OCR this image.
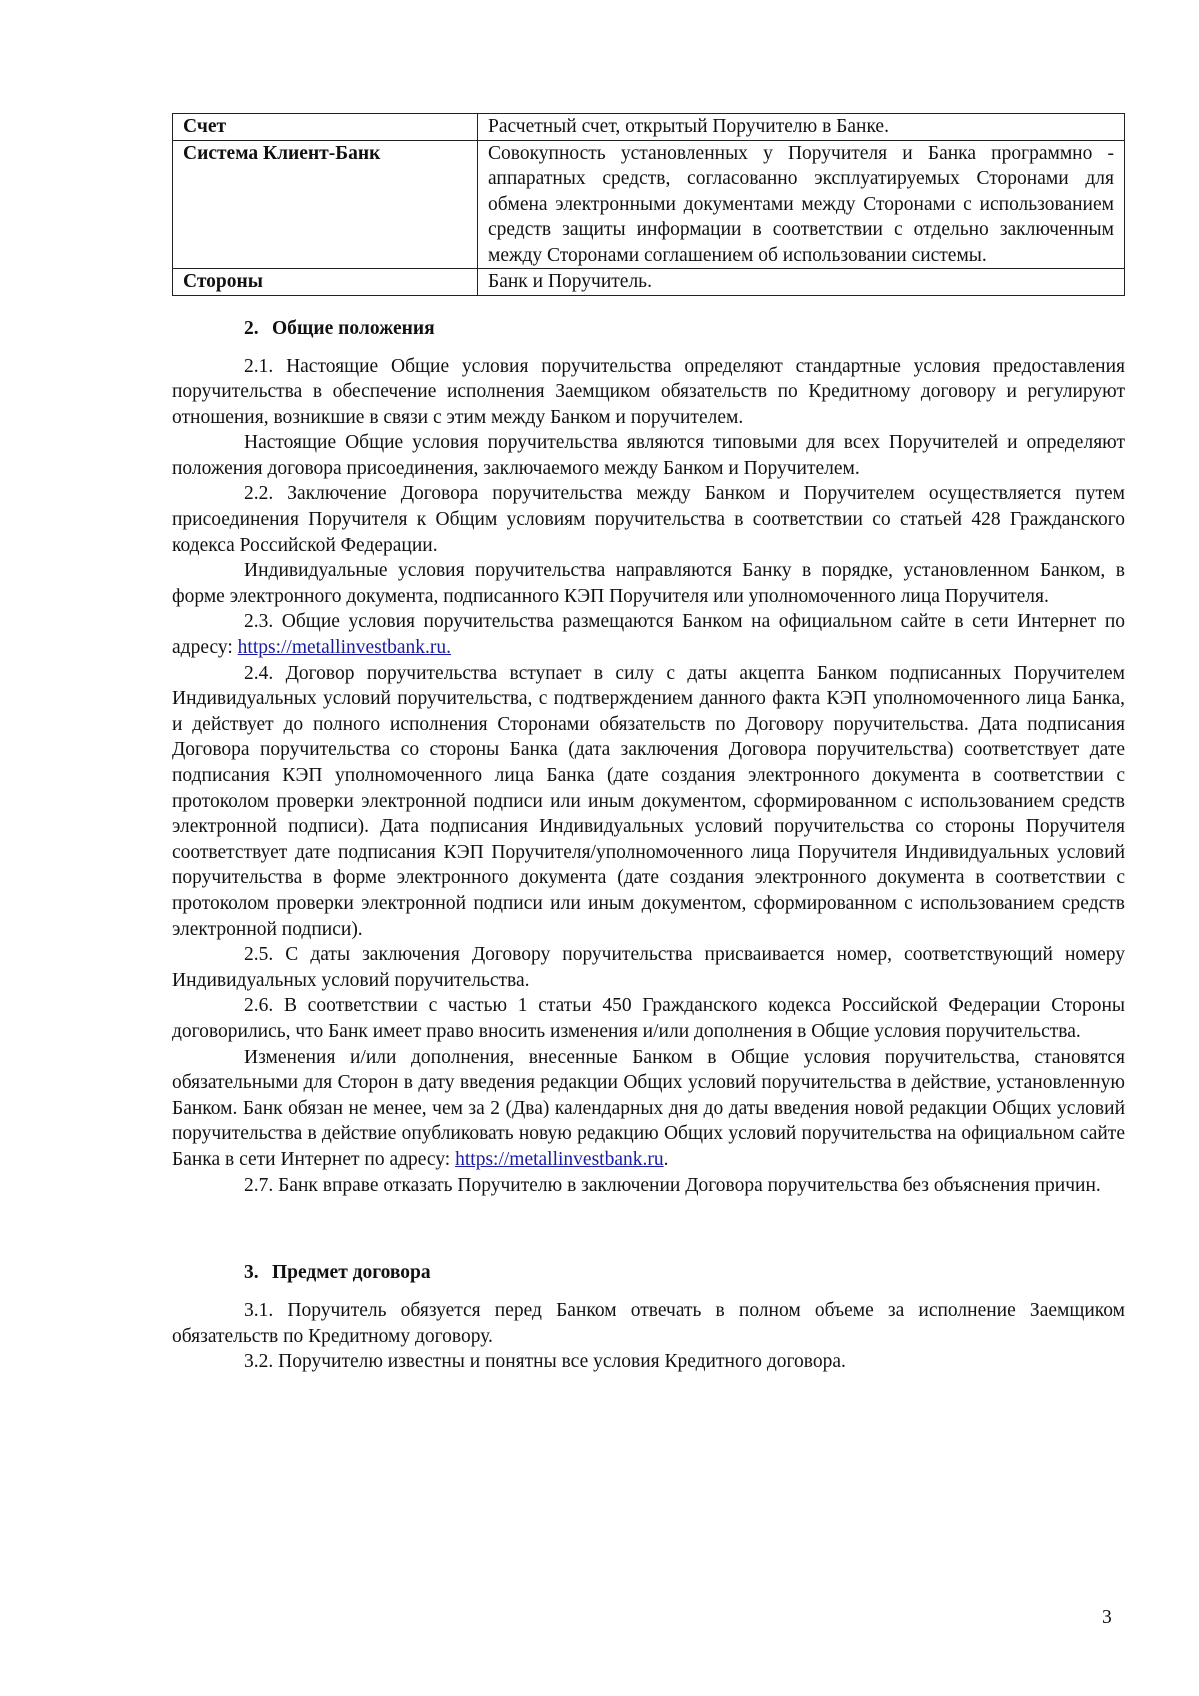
Счет	Расчетный счет, открытый Поручителю в Банке.
Система Клиент-Банк	Совокупность установленных у Поручителя и Банка программно - аппаратных средств, согласованно эксплуатируемых Сторонами для обмена электронными документами между Сторонами с использованием средств защиты информации в соответствии с отдельно заключенным между Сторонами соглашением об использовании системы.
Стороны	Банк и Поручитель.
2. Общие положения

2.1. Настоящие Общие условия поручительства определяют стандартные условия предоставления поручительства в обеспечение исполнения Заемщиком обязательств по Кредитному договору и регулируют отношения, возникшие в связи с этим между Банком и поручителем.

Настоящие Общие условия поручительства являются типовыми для всех Поручителей и определяют положения договора присоединения, заключаемого между Банком и Поручителем.

2.2. Заключение Договора поручительства между Банком и Поручителем осуществляется путем присоединения Поручителя к Общим условиям поручительства в соответствии со статьей 428 Гражданского кодекса Российской Федерации.

Индивидуальные условия поручительства направляются Банку в порядке, установленном Банком, в форме электронного документа, подписанного КЭП Поручителя или уполномоченного лица Поручителя.

2.3. Общие условия поручительства размещаются Банком на официальном сайте в сети Интернет по адресу: https://metallinvestbank.ru.

2.4. Договор поручительства вступает в силу с даты акцепта Банком подписанных Поручителем Индивидуальных условий поручительства, с подтверждением данного факта КЭП уполномоченного лица Банка, и действует до полного исполнения Сторонами обязательств по Договору поручительства. Дата подписания Договора поручительства со стороны Банка (дата заключения Договора поручительства) соответствует дате подписания КЭП уполномоченного лица Банка (дате создания электронного документа в соответствии с протоколом проверки электронной подписи или иным документом, сформированном с использованием средств электронной подписи). Дата подписания Индивидуальных условий поручительства со стороны Поручителя соответствует дате подписания КЭП Поручителя/уполномоченного лица Поручителя Индивидуальных условий поручительства в форме электронного документа (дате создания электронного документа в соответствии с протоколом проверки электронной подписи или иным документом, сформированном с использованием средств электронной подписи).

2.5. С даты заключения Договору поручительства присваивается номер, соответствующий номеру Индивидуальных условий поручительства.

2.6. В соответствии с частью 1 статьи 450 Гражданского кодекса Российской Федерации Стороны договорились, что Банк имеет право вносить изменения и/или дополнения в Общие условия поручительства.

Изменения и/или дополнения, внесенные Банком в Общие условия поручительства, становятся обязательными для Сторон в дату введения редакции Общих условий поручительства в действие, установленную Банком. Банк обязан не менее, чем за 2 (Два) календарных дня до даты введения новой редакции Общих условий поручительства в действие опубликовать новую редакцию Общих условий поручительства на официальном сайте Банка в сети Интернет по адресу: https://metallinvestbank.ru.

2.7. Банк вправе отказать Поручителю в заключении Договора поручительства без объяснения причин.

3. Предмет договора

3.1. Поручитель обязуется перед Банком отвечать в полном объеме за исполнение Заемщиком обязательств по Кредитному договору.

3.2. Поручителю известны и понятны все условия Кредитного договора.

3
